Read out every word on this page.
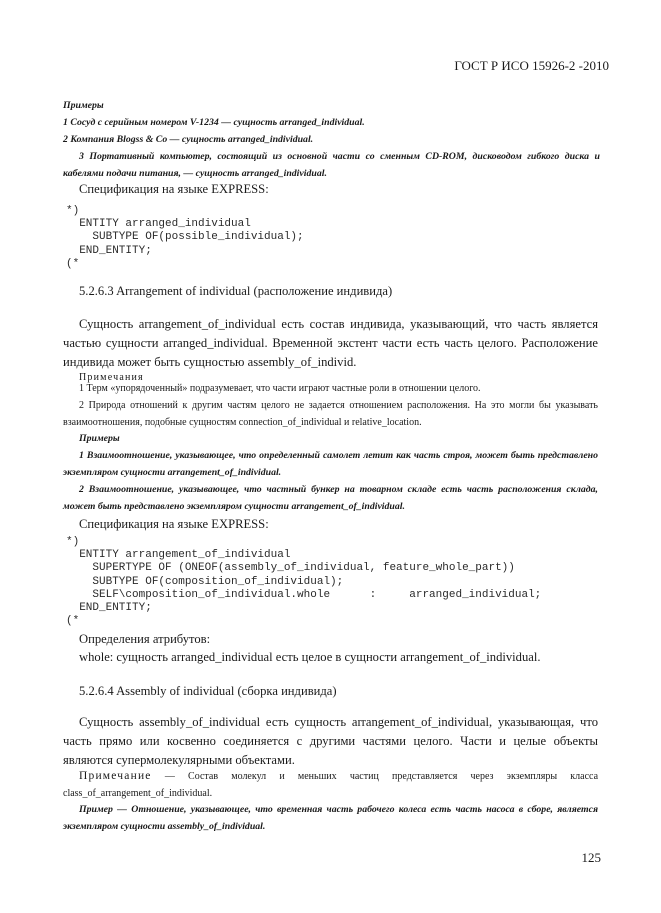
ГОСТ Р ИСО 15926-2 -2010
Примеры
1 Сосуд с серийным номером V-1234 — сущность arranged_individual.
2 Компания Blogss & Co — сущность arranged_individual.
3 Портативный компьютер, состоящий из основной части со сменным CD-ROM, дисководом гибкого диска и кабелями подачи питания, — сущность arranged_individual.
Спецификация на языке EXPRESS:
*)
ENTITY arranged_individual
SUBTYPE OF(possible_individual);
END_ENTITY;
(*
5.2.6.3 Arrangement of individual (расположение индивида)
Сущность arrangement_of_individual есть состав индивида, указывающий, что часть является частью сущности arranged_individual. Временной экстент части есть часть целого. Расположение индивида может быть сущностью assembly_of_individ.
Примечания
1 Терм «упорядоченный» подразумевает, что части играют частные роли в отношении целого.
2 Природа отношений к другим частям целого не задается отношением расположения. На это могли бы указывать взаимоотношения, подобные сущностям connection_of_individual и relative_location.
Примеры
1 Взаимоотношение, указывающее, что определенный самолет летит как часть строя, может быть представлено экземпляром сущности arrangement_of_individual.
2 Взаимоотношение, указывающее, что частный бункер на товарном складе есть часть расположения склада, может быть представлено экземпляром сущности arrangement_of_individual.
Спецификация на языке EXPRESS:
*)
ENTITY arrangement_of_individual
SUPERTYPE OF (ONEOF(assembly_of_individual, feature_whole_part))
SUBTYPE OF(composition_of_individual);
SELF\composition_of_individual.whole      :     arranged_individual;
END_ENTITY;
(*
Определения атрибутов:
whole: сущность arranged_individual есть целое в сущности arrangement_of_individual.
5.2.6.4 Assembly of individual (сборка индивида)
Сущность assembly_of_individual есть сущность arrangement_of_individual, указывающая, что часть прямо или косвенно соединяется с другими частями целого. Части и целые объекты являются супермолекулярными объектами.
Примечание — Состав молекул и меньших частиц представляется через экземпляры класса class_of_arrangement_of_individual.
Пример — Отношение, указывающее, что временная часть рабочего колеса есть часть насоса в сборе, является экземпляром сущности assembly_of_individual.
125
